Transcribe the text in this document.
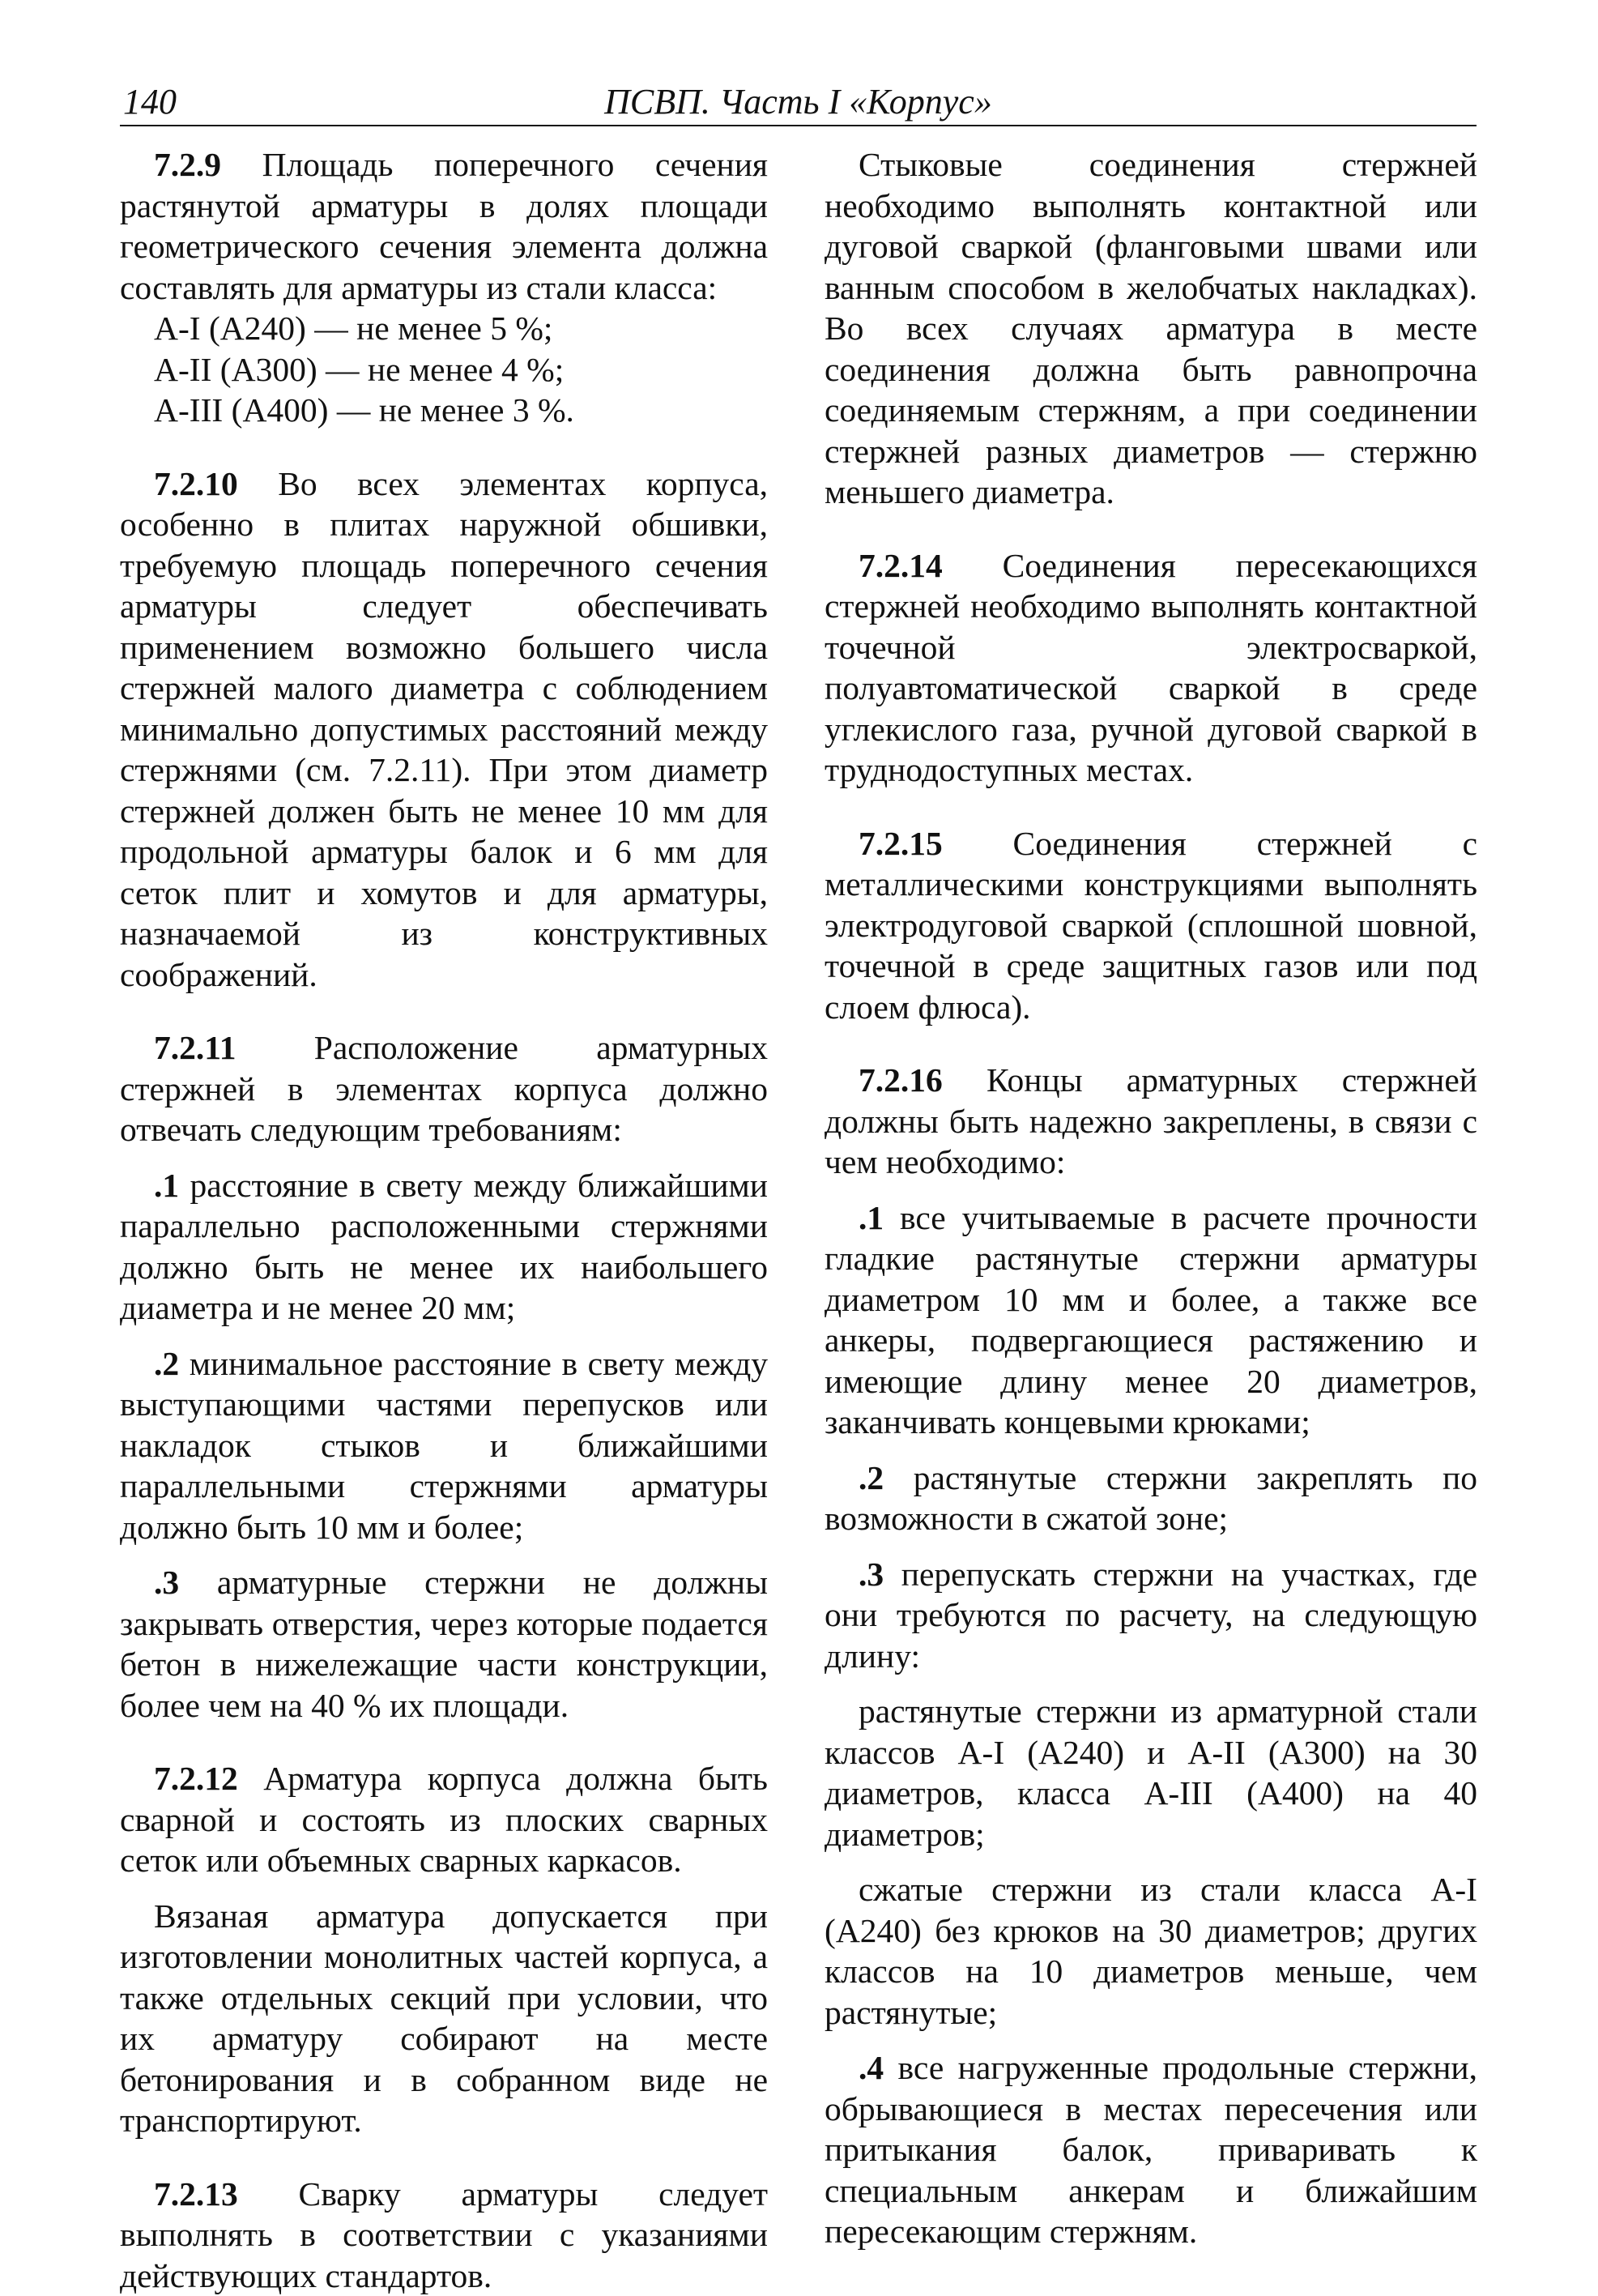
140	ПСВП. Часть I «Корпус»

7.2.9 Площадь поперечного сечения растянутой арматуры в долях площади геометрического сечения элемента должна составлять для арматуры из стали класса:

А-I (А240) — не менее 5 %;

А-II (А300) — не менее 4 %;

А-III (А400) — не менее 3 %.

7.2.10 Во всех элементах корпуса, особенно в плитах наружной обшивки, требуемую площадь поперечного сечения арматуры следует обеспечивать применением возможно большего числа стержней малого диаметра с соблюдением минимально допустимых расстояний между стержнями (см. 7.2.11). При этом диаметр стержней должен быть не менее 10 мм для продольной арматуры балок и 6 мм для сеток плит и хомутов и для арматуры, назначаемой из конструктивных соображений.

7.2.11 Расположение арматурных стержней в элементах корпуса должно отвечать следующим требованиям:

.1 расстояние в свету между ближайшими параллельно расположенными стержнями должно быть не менее их наибольшего диаметра и не менее 20 мм;

.2 минимальное расстояние в свету между выступающими частями перепусков или накладок стыков и ближайшими параллельными стержнями арматуры должно быть 10 мм и более;

.3 арматурные стержни не должны закрывать отверстия, через которые подается бетон в нижележащие части конструкции, более чем на 40 % их площади.

7.2.12 Арматура корпуса должна быть сварной и состоять из плоских сварных сеток или объемных сварных каркасов.

Вязаная арматура допускается при изготовлении монолитных частей корпуса, а также отдельных секций при условии, что их арматуру собирают на месте бетонирования и в собранном виде не транспортируют.

7.2.13 Сварку арматуры следует выполнять в соответствии с указаниями действующих стандартов.

Стыковые соединения стержней необходимо выполнять контактной или дуговой сваркой (фланговыми швами или ванным способом в желобчатых накладках). Во всех случаях арматура в месте соединения должна быть равнопрочна соединяемым стержням, а при соединении стержней разных диаметров — стержню меньшего диаметра.

7.2.14 Соединения пересекающихся стержней необходимо выполнять контактной точечной электросваркой, полуавтоматической сваркой в среде углекислого газа, ручной дуговой сваркой в труднодоступных местах.

7.2.15 Соединения стержней с металлическими конструкциями выполнять электродуговой сваркой (сплошной шовной, точечной в среде защитных газов или под слоем флюса).

7.2.16 Концы арматурных стержней должны быть надежно закреплены, в связи с чем необходимо:

.1 все учитываемые в расчете прочности гладкие растянутые стержни арматуры диаметром 10 мм и более, а также все анкеры, подвергающиеся растяжению и имеющие длину менее 20 диаметров, заканчивать концевыми крюками;

.2 растянутые стержни закреплять по возможности в сжатой зоне;

.3 перепускать стержни на участках, где они требуются по расчету, на следующую длину:

растянутые стержни из арматурной стали классов А-I (А240) и А-II (А300) на 30 диаметров, класса А-III (А400) на 40 диаметров;

сжатые стержни из стали класса А-I (А240) без крюков на 30 диаметров; других классов на 10 диаметров меньше, чем растянутые;

.4 все нагруженные продольные стержни, обрывающиеся в местах пересечения или притыкания балок, приваривать к специальным анкерам и ближайшим пересекающим стержням.
